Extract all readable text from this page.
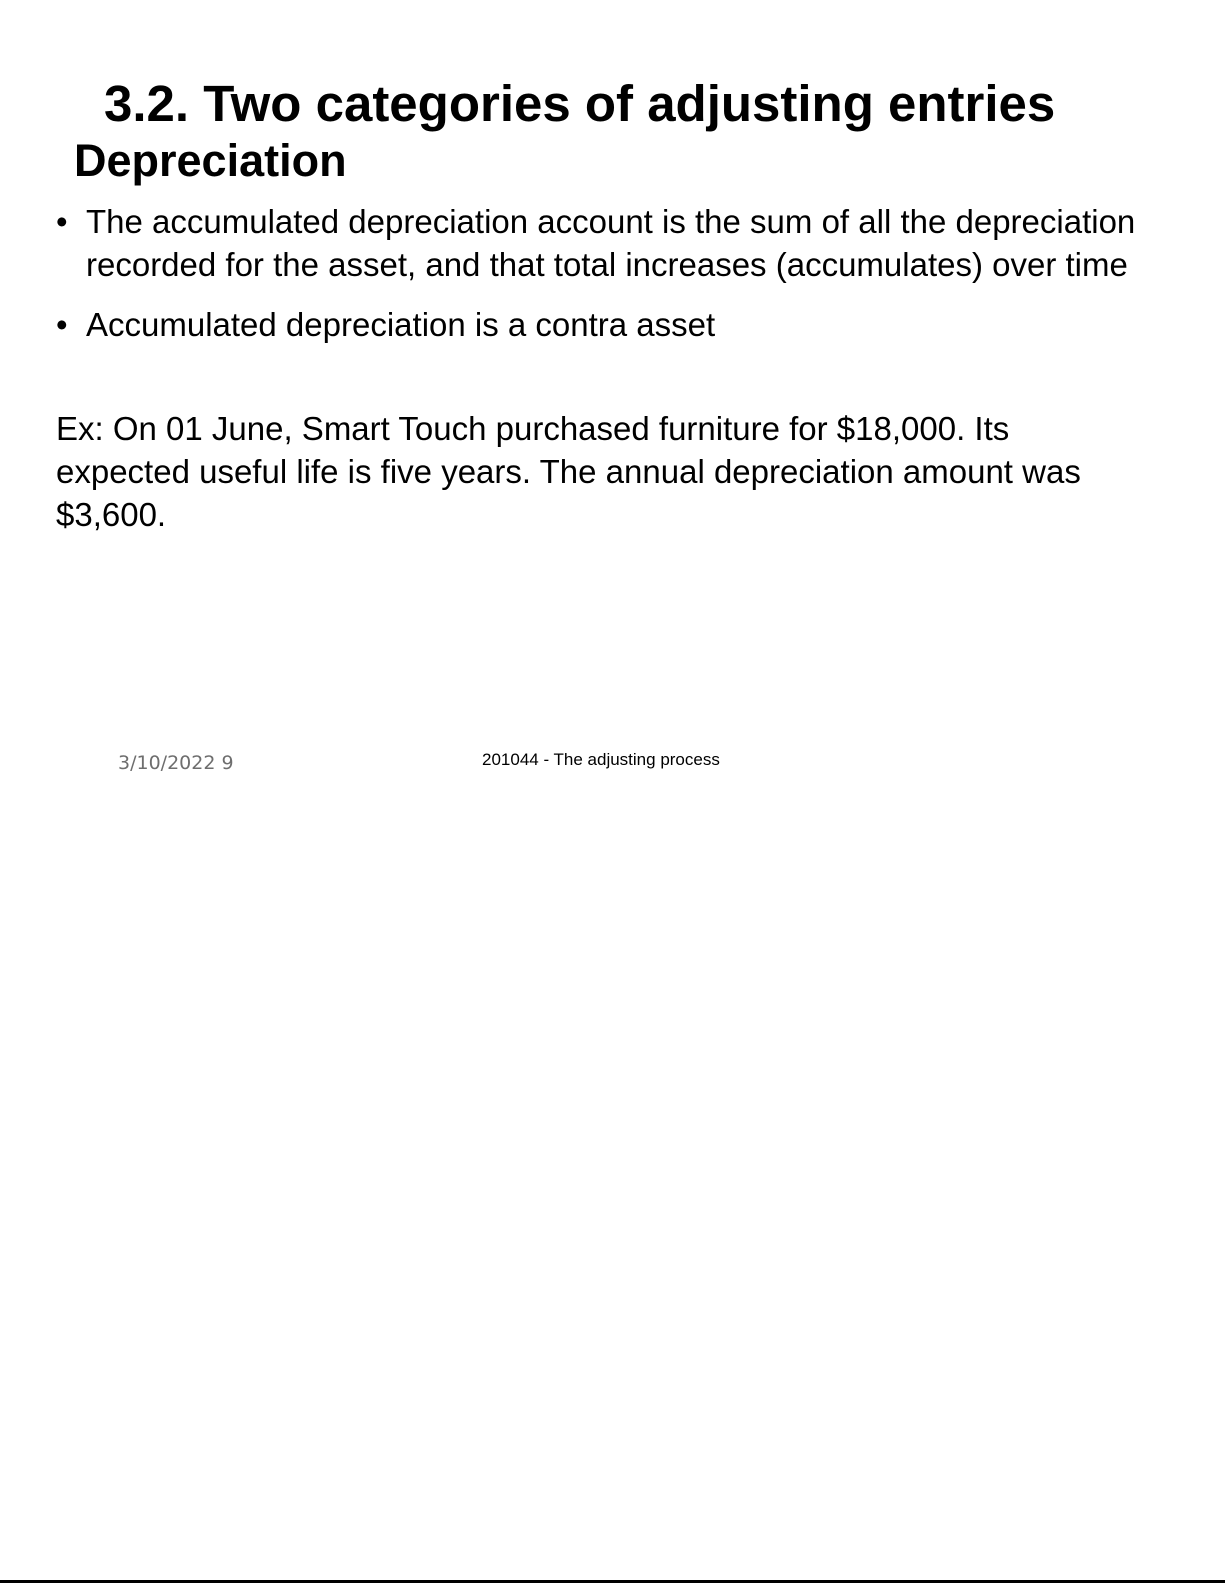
3.2. Two categories of adjusting entries
Depreciation
• The accumulated depreciation account is the sum of all the depreciation recorded for the asset, and that total increases (accumulates) over time
• Accumulated depreciation is a contra asset

Ex: On 01 June, Smart Touch purchased furniture for $18,000. Its expected useful life is five years. The annual depreciation amount was $3,600.

3/10/2022 9	201044 - The adjusting process
